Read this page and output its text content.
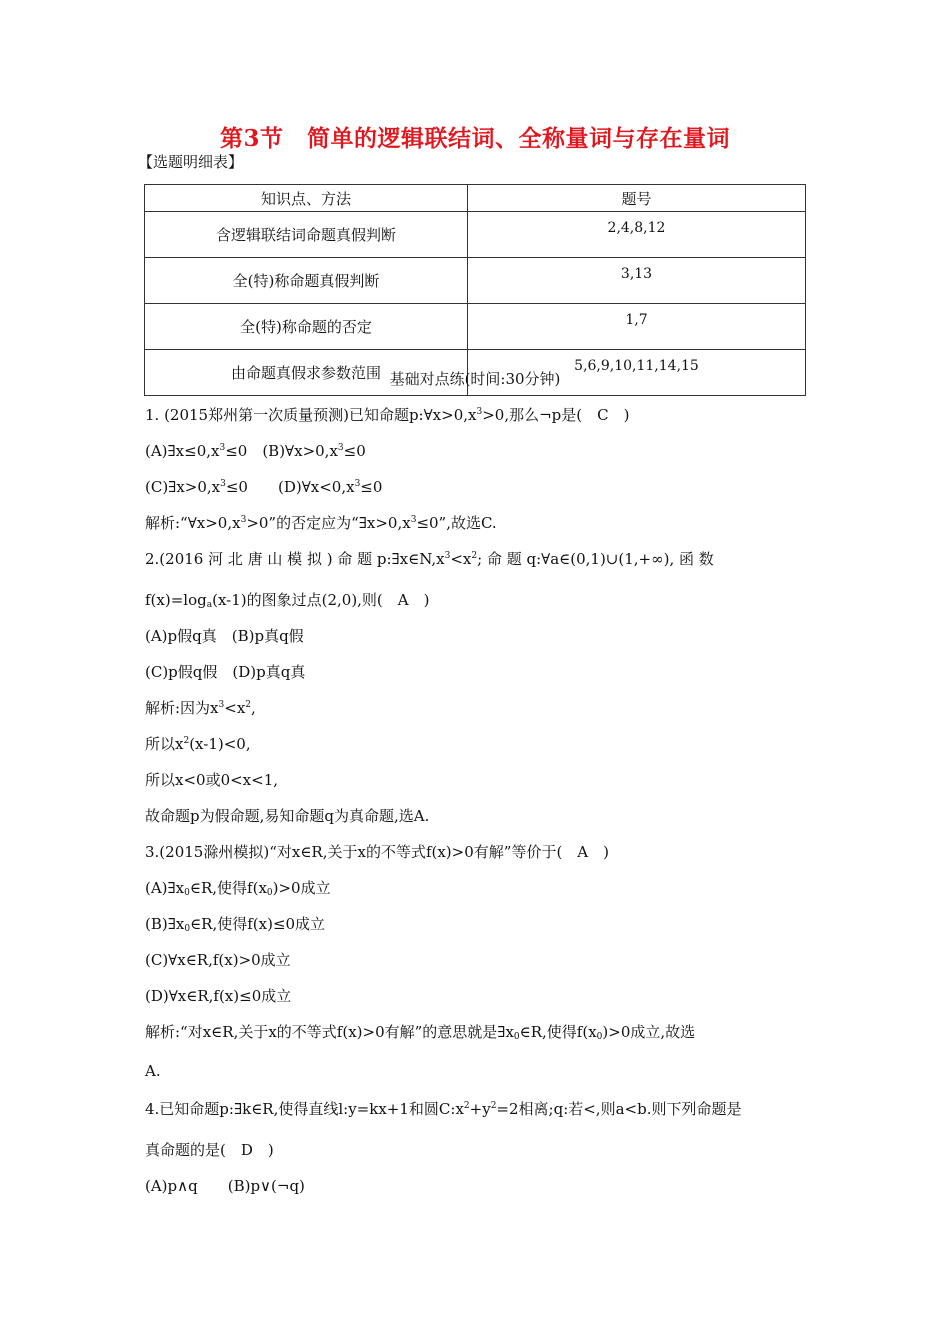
第3节　简单的逻辑联结词、全称量词与存在量词
【选题明细表】
知识点、方法	题号
含逻辑联结词命题真假判断	2,4,8,12
全(特)称命题真假判断	3,13
全(特)称命题的否定	1,7
由命题真假求参数范围	5,6,9,10,11,14,15
基础对点练(时间:30分钟)
1. (2015郑州第一次质量预测)已知命题$p:\forall x>0,x^3>0$,那么¬p是(　C　)
$(A)\exists x\le 0,x^3\le 0$　$(B)\forall x>0,x^3\le 0$
$(C)\exists x>0,x^3\le 0$　　$(D)\forall x<0,x^3\le 0$
解析$:“\forall x>0,x^3>0$”的否定应为“$\exists x>0,x^3\le 0$”,故选C.
2.(2016 河 北 唐 山 模 拟 ) 命 题 $p:\exists x\in N,x^3<x^2$; 命 题 q:∀a∈(0,1)∪(1,+∞), 函 数
$f(x)=\log_a(x-1)$的图象过点(2,0),则(　A　)
(A)p假q真　(B)p真q假
(C)p假q假　(D)p真q真
解析:因为$x^3<x^2$,
所以$x^2(x-1)<0$,
所以x<0或0<x<1,
故命题p为假命题,易知命题q为真命题,选A.
3.(2015滁州模拟)“对x∈R,关于x的不等式f(x)>0有解”等价于(　A　)
$(A)\exists x_0\in R$,使得$f(x_0)>0$成立
$(B)\exists x_0\in R$,使得f(x)≤0成立
(C)∀x∈R,f(x)>0成立
(D)∀x∈R,f(x)≤0成立
解析:“对x∈R,关于x的不等式f(x)>0有解”的意思就是$\exists x_0\in R$,使得$f(x_0)>0$成立,故选
A.
4.已知命题p:∃k∈R,使得直线l:y=kx+1和圆$C:x^2+y^2=2$相离;q:若<,则a<b.则下列命题是
真命题的是(　D　)
(A)p∧q　　(B)p∨(¬q)
